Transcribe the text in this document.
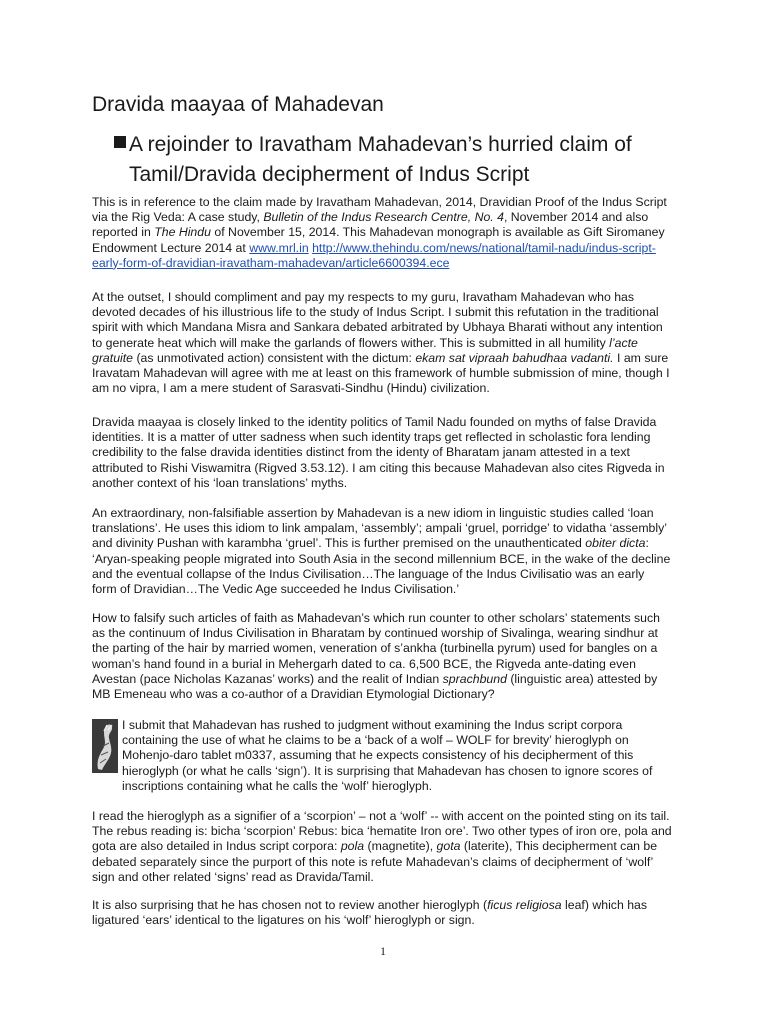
Dravida maayaa of Mahadevan
A rejoinder to Iravatham Mahadevan’s hurried claim of
Tamil/Dravida decipherment of Indus Script

This is in reference to the claim made by Iravatham Mahadevan, 2014, Dravidian Proof of the Indus Script via the Rig Veda: A case study, Bulletin of the Indus Research Centre, No. 4, November 2014 and also reported in The Hindu of November 15, 2014. This Mahadevan monograph is available as Gift Siromaney Endowment Lecture 2014 at www.mrl.in http://www.thehindu.com/news/national/tamil-nadu/indus-script-early-form-of-dravidian-iravatham-mahadevan/article6600394.ece

At the outset, I should compliment and pay my respects to my guru, Iravatham Mahadevan who has devoted decades of his illustrious life to the study of Indus Script. I submit this refutation in the traditional spirit with which Mandana Misra and Sankara debated arbitrated by Ubhaya Bharati without any intention to generate heat which will make the garlands of flowers wither. This is submitted in all humility l’acte gratuite (as unmotivated action) consistent with the dictum: ekam sat vipraah bahudhaa vadanti. I am sure Iravatam Mahadevan will agree with me at least on this framework of humble submission of mine, though I am no vipra, I am a mere student of Sarasvati-Sindhu (Hindu) civilization.

Dravida maayaa is closely linked to the identity politics of Tamil Nadu founded on myths of false Dravida identities. It is a matter of utter sadness when such identity traps get reflected in scholastic fora lending credibility to the false dravida identities distinct from the identy of Bharatam janam attested in a text attributed to Rishi Viswamitra (Rigved 3.53.12). I am citing this because Mahadevan also cites Rigveda in another context of his ‘loan translations’ myths.

An extraordinary, non-falsifiable assertion by Mahadevan is a new idiom in linguistic studies called ‘loan translations’. He uses this idiom to link ampalam, ‘assembly’; ampali ‘gruel, porridge’ to vidatha ‘assembly’ and divinity Pushan with karambha ‘gruel’. This is further premised on the unauthenticated obiter dicta: ‘Aryan-speaking people migrated into South Asia in the second millennium BCE, in the wake of the decline and the eventual collapse of the Indus Civilisation…The language of the Indus Civilisatio was an early form of Dravidian…The Vedic Age succeeded he Indus Civilisation.’

How to falsify such articles of faith as Mahadevan’s which run counter to other scholars’ statements such as the continuum of Indus Civilisation in Bharatam by continued worship of Sivalinga, wearing sindhur at the parting of the hair by married women, veneration of s’ankha (turbinella pyrum) used for bangles on a woman’s hand found in a burial in Mehergarh dated to ca. 6,500 BCE, the Rigveda ante-dating even Avestan (pace Nicholas Kazanas’ works) and the realit of Indian sprachbund (linguistic area) attested by MB Emeneau who was a co-author of a Dravidian Etymologial Dictionary?

I submit that Mahadevan has rushed to judgment without examining the Indus script corpora containing the use of what he claims to be a ‘back of a wolf – WOLF for brevity’ hieroglyph on Mohenjo-daro tablet m0337, assuming that he expects consistency of his decipherment of this hieroglyph (or what he calls ‘sign’). It is surprising that Mahadevan has chosen to ignore scores of inscriptions containing what he calls the ‘wolf’ hieroglyph.

I read the hieroglyph as a signifier of a ‘scorpion’ – not a ‘wolf’ -- with accent on the pointed sting on its tail. The rebus reading is: bicha ‘scorpion’ Rebus: bica ‘hematite Iron ore’. Two other types of iron ore, pola and gota are also detailed in Indus script corpora: pola (magnetite), gota (laterite), This decipherment can be debated separately since the purport of this note is refute Mahadevan’s claims of decipherment of ‘wolf’ sign and other related ‘signs’ read as Dravida/Tamil.

It is also surprising that he has chosen not to review another hieroglyph (ficus religiosa leaf) which has ligatured ‘ears’ identical to the ligatures on his ‘wolf’ hieroglyph or sign.

1
